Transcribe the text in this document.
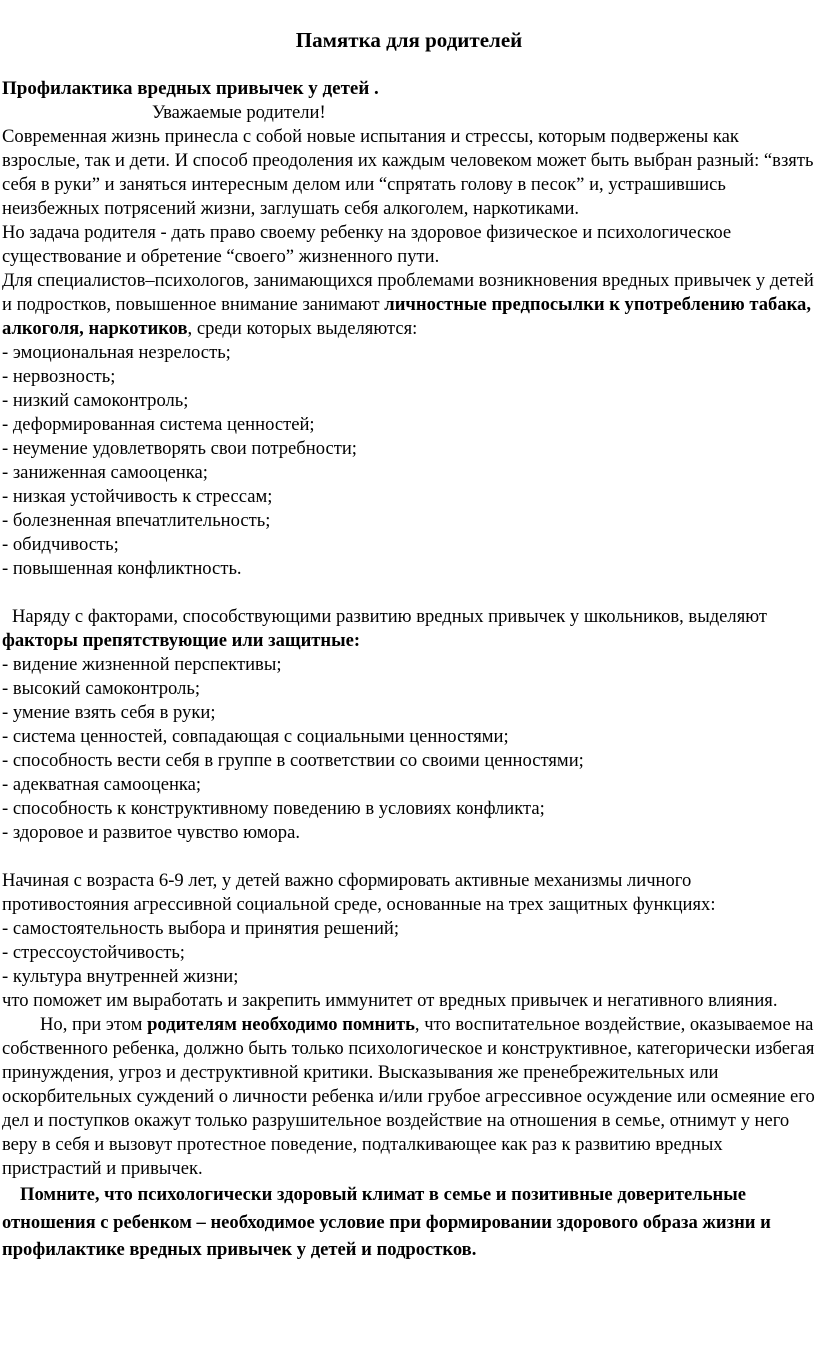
Памятка для родителей

Профилактика вредных привычек у детей .

Уважаемые родители!

Современная жизнь принесла с собой новые испытания и стрессы, которым подвержены как взрослые, так и дети. И способ преодоления их каждым человеком может быть выбран разный: “взять себя в руки” и заняться интересным делом или “спрятать голову в песок” и, устрашившись неизбежных потрясений жизни, заглушать себя алкоголем, наркотиками.

Но задача родителя - дать право своему ребенку на здоровое физическое и психологическое существование и обретение “своего” жизненного пути.

Для специалистов–психологов, занимающихся проблемами возникновения вредных привычек у детей и подростков, повышенное внимание занимают личностные предпосылки к употреблению табака, алкоголя, наркотиков, среди которых выделяются:

- эмоциональная незрелость;
- нервозность;
- низкий самоконтроль;
- деформированная система ценностей;
- неумение удовлетворять свои потребности;
- заниженная самооценка;
- низкая устойчивость к стрессам;
- болезненная впечатлительность;
- обидчивость;
- повышенная конфликтность.

Наряду с факторами, способствующими развитию вредных привычек у школьников, выделяют факторы препятствующие или защитные:

- видение жизненной перспективы;
- высокий самоконтроль;
- умение взять себя в руки;
- система ценностей, совпадающая с социальными ценностями;
- способность вести себя в группе в соответствии со своими ценностями;
- адекватная самооценка;
- способность к конструктивному поведению в условиях конфликта;
- здоровое и развитое чувство юмора.

Начиная с возраста 6-9 лет, у детей важно сформировать активные механизмы личного противостояния агрессивной социальной среде, основанные на трех защитных функциях:

- самостоятельность выбора и принятия решений;
- стрессоустойчивость;
- культура внутренней жизни;

что поможет им выработать и закрепить иммунитет от вредных привычек и негативного влияния.

Но, при этом родителям необходимо помнить, что воспитательное воздействие, оказываемое на собственного ребенка, должно быть только психологическое и конструктивное, категорически избегая принуждения, угроз и деструктивной критики. Высказывания же пренебрежительных или оскорбительных суждений о личности ребенка и/или грубое агрессивное осуждение или осмеяние его дел и поступков окажут только разрушительное воздействие на отношения в семье, отнимут у него веру в себя и вызовут протестное поведение, подталкивающее как раз к развитию вредных пристрастий и привычек.

Помните, что психологически здоровый климат в семье и позитивные доверительные отношения с ребенком – необходимое условие при формировании здорового образа жизни и профилактике вредных привычек у детей и подростков.
